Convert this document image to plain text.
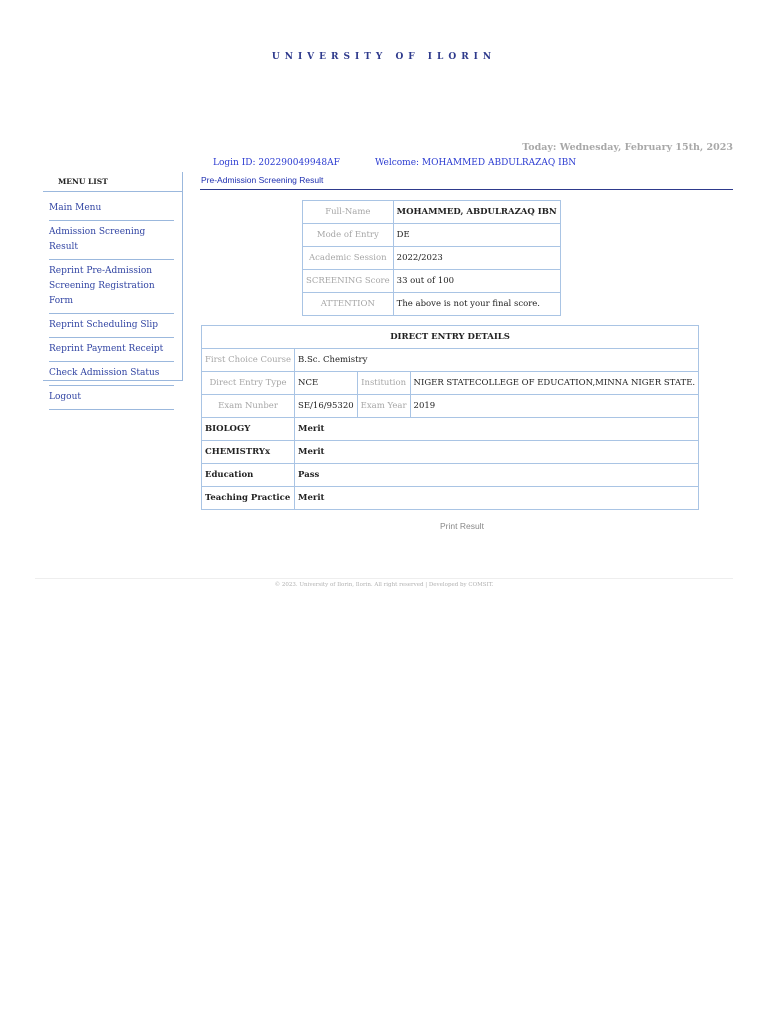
UNIVERSITY OF ILORIN
Today: Wednesday, February 15th, 2023
Login ID: 202290049948AF	Welcome: MOHAMMED ABDULRAZAQ IBN
MENU LIST
Main Menu
Admission Screening Result
Reprint Pre-Admission Screening Registration Form
Reprint Scheduling Slip
Reprint Payment Receipt
Check Admission Status
Logout
Pre-Admission Screening Result
Full-Name	MOHAMMED, ABDULRAZAQ IBN
Mode of Entry	DE
Academic Session	2022/2023
SCREENING Score	33 out of 100
ATTENTION	The above is not your final score.
DIRECT ENTRY DETAILS			
First Choice Course	B.Sc. Chemistry		
Direct Entry Type	NCE	Institution	NIGER STATECOLLEGE OF EDUCATION,MINNA NIGER STATE.
Exam Nunber	SE/16/95320	Exam Year	2019
BIOLOGY	Merit		
CHEMISTRYx	Merit		
Education	Pass		
Teaching Practice	Merit		
Print Result
© 2023. University of Ilorin, Ilorin. All right reserved | Developed by COMSIT.
